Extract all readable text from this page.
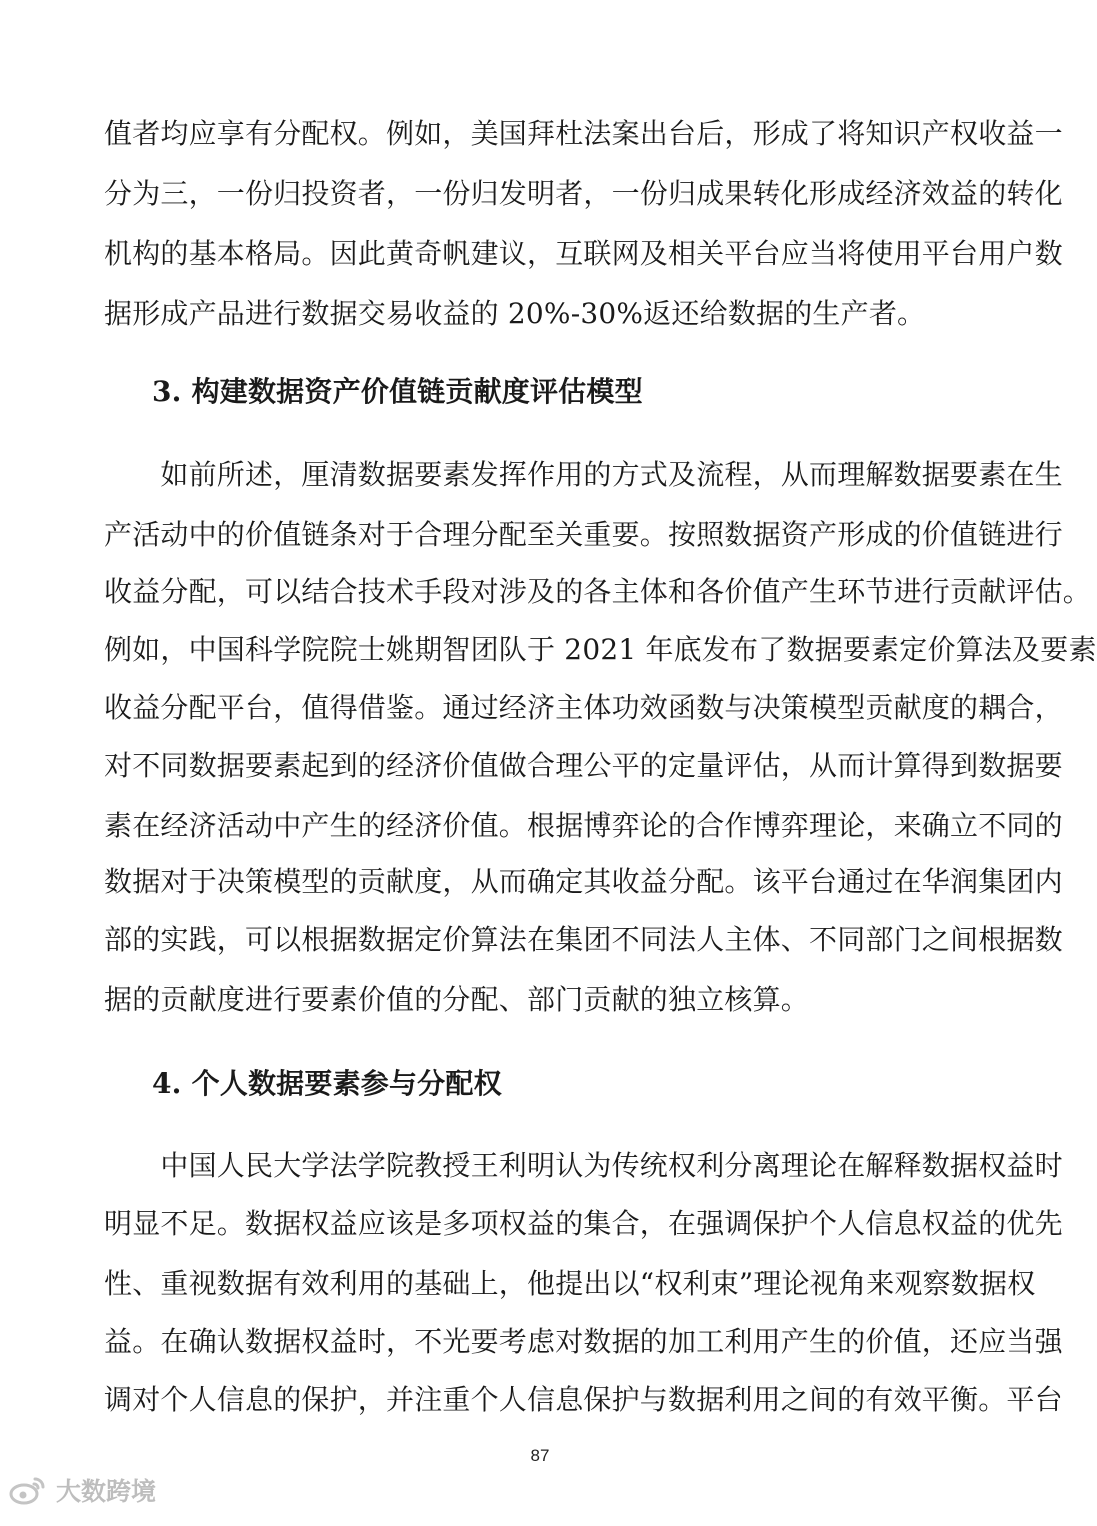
值者均应享有分配权。例如，美国拜杜法案出台后，形成了将知识产权收益一
分为三，一份归投资者，一份归发明者，一份归成果转化形成经济效益的转化
机构的基本格局。因此黄奇帆建议，互联网及相关平台应当将使用平台用户数
据形成产品进行数据交易收益的 20%-30%返还给数据的生产者。
3. 构建数据资产价值链贡献度评估模型
　　如前所述，厘清数据要素发挥作用的方式及流程，从而理解数据要素在生
产活动中的价值链条对于合理分配至关重要。按照数据资产形成的价值链进行
收益分配，可以结合技术手段对涉及的各主体和各价值产生环节进行贡献评估。
例如，中国科学院院士姚期智团队于 2021 年底发布了数据要素定价算法及要素
收益分配平台，值得借鉴。通过经济主体功效函数与决策模型贡献度的耦合，
对不同数据要素起到的经济价值做合理公平的定量评估，从而计算得到数据要
素在经济活动中产生的经济价值。根据博弈论的合作博弈理论，来确立不同的
数据对于决策模型的贡献度，从而确定其收益分配。该平台通过在华润集团内
部的实践，可以根据数据定价算法在集团不同法人主体、不同部门之间根据数
据的贡献度进行要素价值的分配、部门贡献的独立核算。
4. 个人数据要素参与分配权
　　中国人民大学法学院教授王利明认为传统权利分离理论在解释数据权益时
明显不足。数据权益应该是多项权益的集合，在强调保护个人信息权益的优先
性、重视数据有效利用的基础上，他提出以“权利束”理论视角来观察数据权
益。在确认数据权益时，不光要考虑对数据的加工利用产生的价值，还应当强
调对个人信息的保护，并注重个人信息保护与数据利用之间的有效平衡。平台
87
大数跨境
